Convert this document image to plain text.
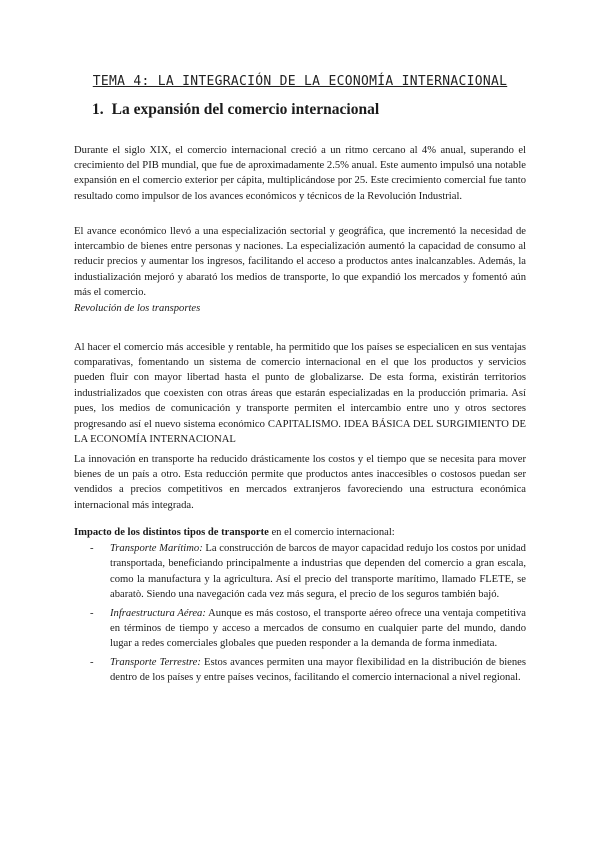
TEMA 4: LA INTEGRACIÓN DE LA ECONOMÍA INTERNACIONAL
1. La expansión del comercio internacional

Durante el siglo XIX, el comercio internacional creció a un ritmo cercano al 4% anual, superando el crecimiento del PIB mundial, que fue de aproximadamente 2.5% anual. Este aumento impulsó una notable expansión en el comercio exterior per cápita, multiplicándose por 25. Este crecimiento comercial fue tanto resultado como impulsor de los avances económicos y técnicos de la Revolución Industrial.

El avance económico llevó a una especialización sectorial y geográfica, que incrementó la necesidad de intercambio de bienes entre personas y naciones. La especialización aumentó la capacidad de consumo al reducir precios y aumentar los ingresos, facilitando el acceso a productos antes inalcanzables. Además, la industialización mejoró y abarató los medios de transporte, lo que expandió los mercados y fomentó aún más el comercio.

Revolución de los transportes

Al hacer el comercio más accesible y rentable, ha permitido que los países se especialicen en sus ventajas comparativas, fomentando un sistema de comercio internacional en el que los productos y servicios pueden fluir con mayor libertad hasta el punto de globalizarse. De esta forma, existirán territorios industrializados que coexisten con otras áreas que estarán especializadas en la producción primaria. Así pues, los medios de comunicación y transporte permiten el intercambio entre uno y otros sectores progresando así el nuevo sistema económico CAPITALISMO. IDEA BÁSICA DEL SURGIMIENTO DE LA ECONOMÍA INTERNACIONAL

La innovación en transporte ha reducido drásticamente los costos y el tiempo que se necesita para mover bienes de un país a otro. Esta reducción permite que productos antes inaccesibles o costosos puedan ser vendidos a precios competitivos en mercados extranjeros favoreciendo una estructura económica internacional más integrada.

Impacto de los distintos tipos de transporte en el comercio internacional:

- Transporte Marítimo: La construcción de barcos de mayor capacidad redujo los costos por unidad transportada, beneficiando principalmente a industrias que dependen del comercio a gran escala, como la manufactura y la agricultura. Así el precio del transporte marítimo, llamado FLETE, se abaratò. Siendo una navegación cada vez más segura, el precio de los seguros también bajó.
- Infraestructura Aérea: Aunque es más costoso, el transporte aéreo ofrece una ventaja competitiva en términos de tiempo y acceso a mercados de consumo en cualquier parte del mundo, dando lugar a redes comerciales globales que pueden responder a la demanda de forma inmediata.
- Transporte Terrestre: Estos avances permiten una mayor flexibilidad en la distribución de bienes dentro de los países y entre países vecinos, facilitando el comercio internacional a nivel regional.
